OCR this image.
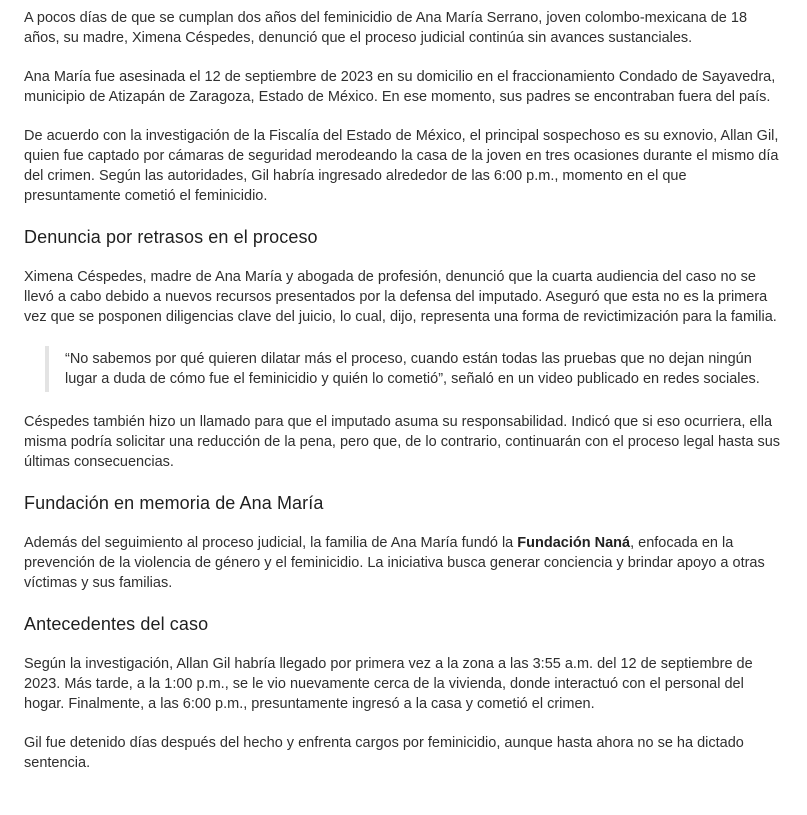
A pocos días de que se cumplan dos años del feminicidio de Ana María Serrano, joven colombo-mexicana de 18 años, su madre, Ximena Céspedes, denunció que el proceso judicial continúa sin avances sustanciales.

Ana María fue asesinada el 12 de septiembre de 2023 en su domicilio en el fraccionamiento Condado de Sayavedra, municipio de Atizapán de Zaragoza, Estado de México. En ese momento, sus padres se encontraban fuera del país.

De acuerdo con la investigación de la Fiscalía del Estado de México, el principal sospechoso es su exnovio, Allan Gil, quien fue captado por cámaras de seguridad merodeando la casa de la joven en tres ocasiones durante el mismo día del crimen. Según las autoridades, Gil habría ingresado alrededor de las 6:00 p.m., momento en el que presuntamente cometió el feminicidio.

Denuncia por retrasos en el proceso

Ximena Céspedes, madre de Ana María y abogada de profesión, denunció que la cuarta audiencia del caso no se llevó a cabo debido a nuevos recursos presentados por la defensa del imputado. Aseguró que esta no es la primera vez que se posponen diligencias clave del juicio, lo cual, dijo, representa una forma de revictimización para la familia.

“No sabemos por qué quieren dilatar más el proceso, cuando están todas las pruebas que no dejan ningún lugar a duda de cómo fue el feminicidio y quién lo cometió”, señaló en un video publicado en redes sociales.

Céspedes también hizo un llamado para que el imputado asuma su responsabilidad. Indicó que si eso ocurriera, ella misma podría solicitar una reducción de la pena, pero que, de lo contrario, continuarán con el proceso legal hasta sus últimas consecuencias.

Fundación en memoria de Ana María

Además del seguimiento al proceso judicial, la familia de Ana María fundó la Fundación Naná, enfocada en la prevención de la violencia de género y el feminicidio. La iniciativa busca generar conciencia y brindar apoyo a otras víctimas y sus familias.

Antecedentes del caso

Según la investigación, Allan Gil habría llegado por primera vez a la zona a las 3:55 a.m. del 12 de septiembre de 2023. Más tarde, a la 1:00 p.m., se le vio nuevamente cerca de la vivienda, donde interactuó con el personal del hogar. Finalmente, a las 6:00 p.m., presuntamente ingresó a la casa y cometió el crimen.

Gil fue detenido días después del hecho y enfrenta cargos por feminicidio, aunque hasta ahora no se ha dictado sentencia.
